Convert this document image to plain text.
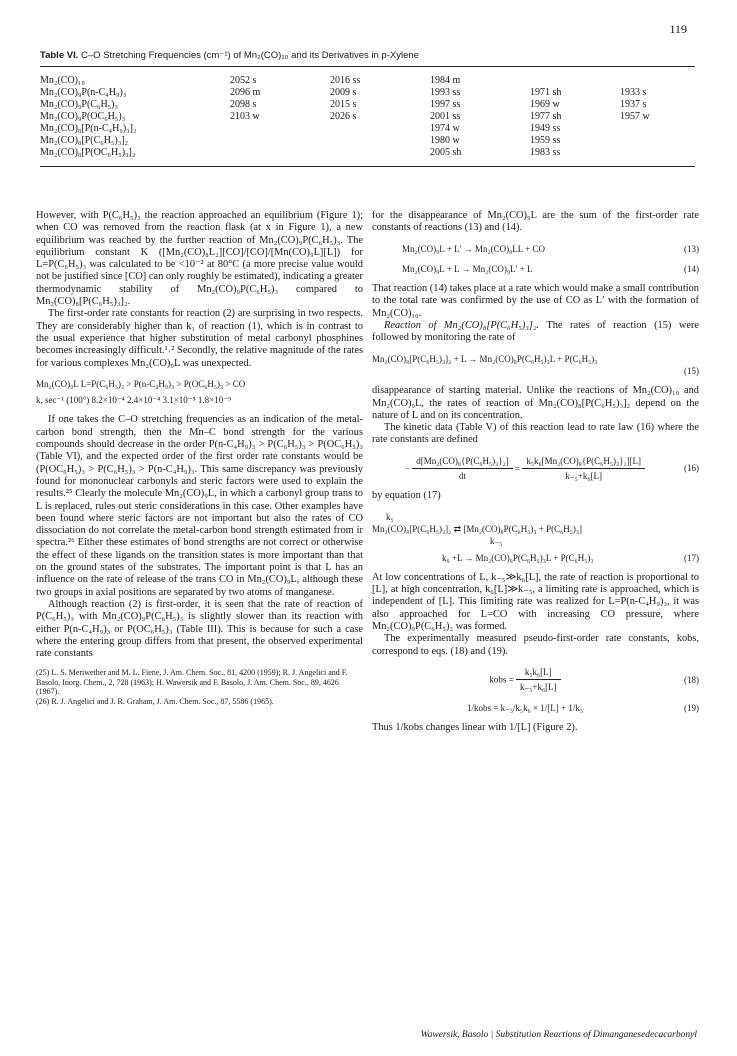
119
Table VI. C–O Stretching Frequencies (cm⁻¹) of Mn₂(CO)₁₀ and its Derivatives in p-Xylene
Mn₂(CO)₁₀	2052 s	2016 ss	1984 m		
Mn₂(CO)₉P(n-C₄H₉)₃	2096 m	2009 s	1993 ss	1971 sh	1933 s
Mn₂(CO)₉P(C₆H₅)₃	2098 s	2015 s	1997 ss	1969 w	1937 s
Mn₂(CO)₉P(OC₆H₅)₃	2103 w	2026 s	2001 ss	1977 sh	1957 w
Mn₂(CO)₈[P(n-C₄H₉)₃]₂			1974 w	1949 ss	
Mn₂(CO)₈[P(C₆H₅)₃]₂			1980 w	1959 ss	
Mn₂(CO)₈[P(OC₆H₅)₃]₂			2005 sh	1983 ss	

However, with P(C₆H₅)₃ the reaction approached an equilibrium (Figure 1); when CO was removed from the reaction flask (at x in Figure 1), a new equilibrium was reached by the further reaction of Mn₂(CO)₉P(C₆H₅)₃. The equilibrium constant K ([Mn₂(CO)₈L₂][CO]/[CO]/[Mn(CO)₉L][L]) for L=P(C₆H₅)₃ was calculated to be <10⁻² at 80°C (a more precise value would not be justified since [CO] can only roughly be estimated), indicating a greater thermodynamic stability of Mn₂(CO)₉P(C₆H₅)₃ compared to Mn₂(CO)₈[P(C₆H₅)₃]₂.

The first-order rate constants for reaction (2) are surprising in two respects. They are considerably higher than k₁ of reaction (1), which is in contrast to the usual experience that higher substitution of metal carbonyl phosphines becomes increasingly difficult.¹˒² Secondly, the relative magnitude of the rates for various complexes Mn₂(CO)₉L was unexpected.

Mn₂(CO)₉L L=P(C₆H₅)₃ > P(n-C₄H₉)₃ > P(OC₆H₅)₃ > CO
k, sec⁻¹ (100°) 8.2×10⁻⁴ 2.4×10⁻⁴ 3.1×10⁻⁵ 1.8×10⁻⁵

If one takes the C–O stretching frequencies as an indication of the metal-carbon bond strength, then the Mn–C bond strength for the various compounds should decrease in the order P(n-C₄H₉)₃ > P(C₆H₅)₃ > P(OC₆H₅)₃ (Table VI), and the expected order of the first order rate constants would be (P(OC₆H₅)₃ > P(C₆H₅)₃ > P(n-C₄H₉)₃. This same discrepancy was previously found for mononuclear carbonyls and steric factors were used to explain the results.²⁵ Clearly the molecule Mn₂(CO)₉L, in which a carbonyl group trans to L is replaced, rules out steric considerations in this case. Other examples have been found where steric factors are not important but also the rates of CO dissociation do not correlate the metal-carbon bond strength estimated from ir spectra.²⁶ Either these estimates of bond strengths are not correct or otherwise the effect of these ligands on the transition states is more important than that on the ground states of the substrates. The important point is that L has an influence on the rate of release of the trans CO in Mn₂(CO)₉L, although these two groups in axial positions are separated by two atoms of manganese.

Although reaction (2) is first-order, it is seen that the rate of reaction of P(C₆H₅)₃ with Mn₂(CO)₉P(C₆H₅)₃ is slightly slower than its reaction with either P(n-C₄H₉)₃ or P(OC₆H₅)₃ (Table III). This is because for such a case where the entering group differs from that present, the observed experimental rate constants

(25) L. S. Meriwether and M. L. Fiene, J. Am. Chem. Soc., 81, 4200 (1959); R. J. Angelici and F. Basolo, Inorg. Chem., 2, 728 (1963); H. Wawersik and F. Basolo, J. Am. Chem. Soc., 89, 4626 (1967).
(26) R. J. Angelici and J. R. Graham, J. Am. Chem. Soc., 87, 5586 (1965).

for the disappearance of Mn₂(CO)₉L are the sum of the first-order rate constants of reactions (13) and (14).

Mn₂(CO)₉L + L′ → Mn₂(CO)₈LL + CO	(13)
Mn₂(CO)₉L + L → Mn₂(CO)₉L′ + L	(14)

That reaction (14) takes place at a rate which would make a small contribution to the total rate was confirmed by the use of CO as L′ with the formation of Mn₂(CO)₁₀.

Reaction of Mn₂(CO)₈[P(C₆H₅)₃]₂. The rates of reaction (15) were followed by monitoring the rate of

Mn₂(CO)₈[P(C₆H₅)₃]₂ + L → Mn₂(CO)₈P(C₆H₅)₃L + P(C₆H₅)₃
(15)

disappearance of starting material. Unlike the reactions of Mn₂(CO)₁₀ and Mn₂(CO)₉L, the rates of reaction of Mn₂(CO)₈[P(C₆H₅)₃]₂ depend on the nature of L and on its concentration.

The kinetic data (Table V) of this reaction lead to rate law (16) where the rate constants are defined

− $\frac{\text{d[Mn₂(CO)₈\{P(C₆H₅)₃\}₂]}}{dt} = \frac{\text{k₅k₆[Mn₂(CO)₈\{P(C₆H₅)₃\}₂][L]}}{\text{k₋₅+k₆[L]}}$	(16)

by equation (17)

k₅
Mn₂(CO)₈[P(C₆H₅)₃]₂ ⇄ [Mn₂(CO)₈P(C₆H₅)₃ + P(C₆H₅)₃]
k₋₅
k₆ +L → Mn₂(CO)₈P(C₆H₅)₃L + P(C₆H₅)₃	(17)

At low concentrations of L, k₋₅≫k₆[L], the rate of reaction is proportional to [L], at high concentration, k₆[L]≫k₋₅, a limiting rate is approached, which is independent of [L]. This limiting rate was realized for L=P(n-C₄H₉)₃, it was also approached for L=CO with increasing CO pressure, where Mn₂(CO)₉P(C₆H₅)₃ was formed.

The experimentally measured pseudo-first-order rate constants, kobs, correspond to eqs. (18) and (19).

kobs = $\frac{\text{k₅k₆[L]}}{\text{k₋₅+k₆[L]}}$	(18)
1/kobs = k₋₅/k₅k₆ × 1/[L] + 1/k₅	(19)

Thus 1/kobs changes linear with 1/[L] (Figure 2).

Wawersik, Basolo | Substitution Reactions of Dimanganesedecacarbonyl
